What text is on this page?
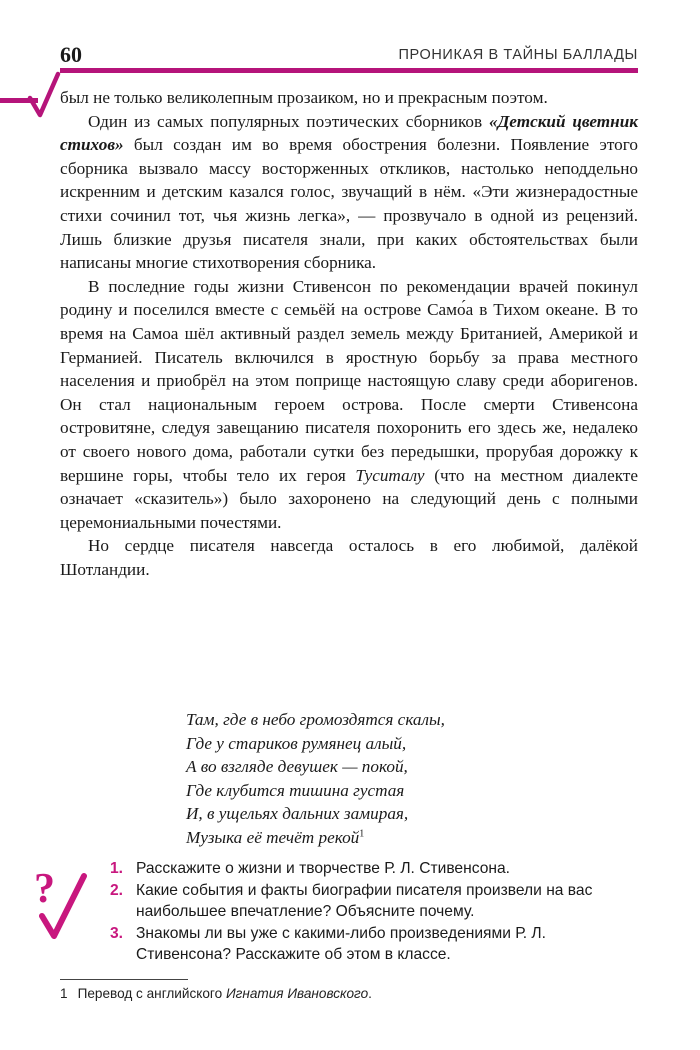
60	ПРОНИКАЯ В ТАЙНЫ БАЛЛАДЫ

был не только великолепным прозаиком, но и прекрасным поэтом.

Один из самых популярных поэтических сборников «Детский цветник стихов» был создан им во время обострения болезни. Появление этого сборника вызвало массу восторженных откликов, настолько неподдельно искренним и детским казался голос, звучащий в нём. «Эти жизнерадостные стихи сочинил тот, чья жизнь легка», — прозвучало в одной из рецензий. Лишь близкие друзья писателя знали, при каких обстоятельствах были написаны многие стихотворения сборника.

В последние годы жизни Стивенсон по рекомендации врачей покинул родину и поселился вместе с семьёй на острове Само́а в Тихом океане. В то время на Самоа шёл активный раздел земель между Британией, Америкой и Германией. Писатель включился в яростную борьбу за права местного населения и приобрёл на этом поприще настоящую славу среди аборигенов. Он стал национальным героем острова. После смерти Стивенсона островитяне, следуя завещанию писателя похоронить его здесь же, недалеко от своего нового дома, работали сутки без передышки, прорубая дорожку к вершине горы, чтобы тело их героя Туситалу (что на местном диалекте означает «сказитель») было захоронено на следующий день с полными церемониальными почестями.

Но сердце писателя навсегда осталось в его любимой, далёкой Шотландии.

Там, где в небо громоздятся скалы,
Где у стариков румянец алый,
А во взгляде девушек — покой,
Где клубится тишина густая
И, в ущельях дальних замирая,
Музыка её течёт рекой$^1$
?	1. Расскажите о жизни и творчестве Р. Л. Стивенсона.
2. Какие события и факты биографии писателя произвели на вас наибольшее впечатление? Объясните почему.
3. Знакомы ли вы уже с какими-либо произведениями Р. Л. Стивенсона? Расскажите об этом в классе.
1 Перевод с английского Игнатия Ивановского.
